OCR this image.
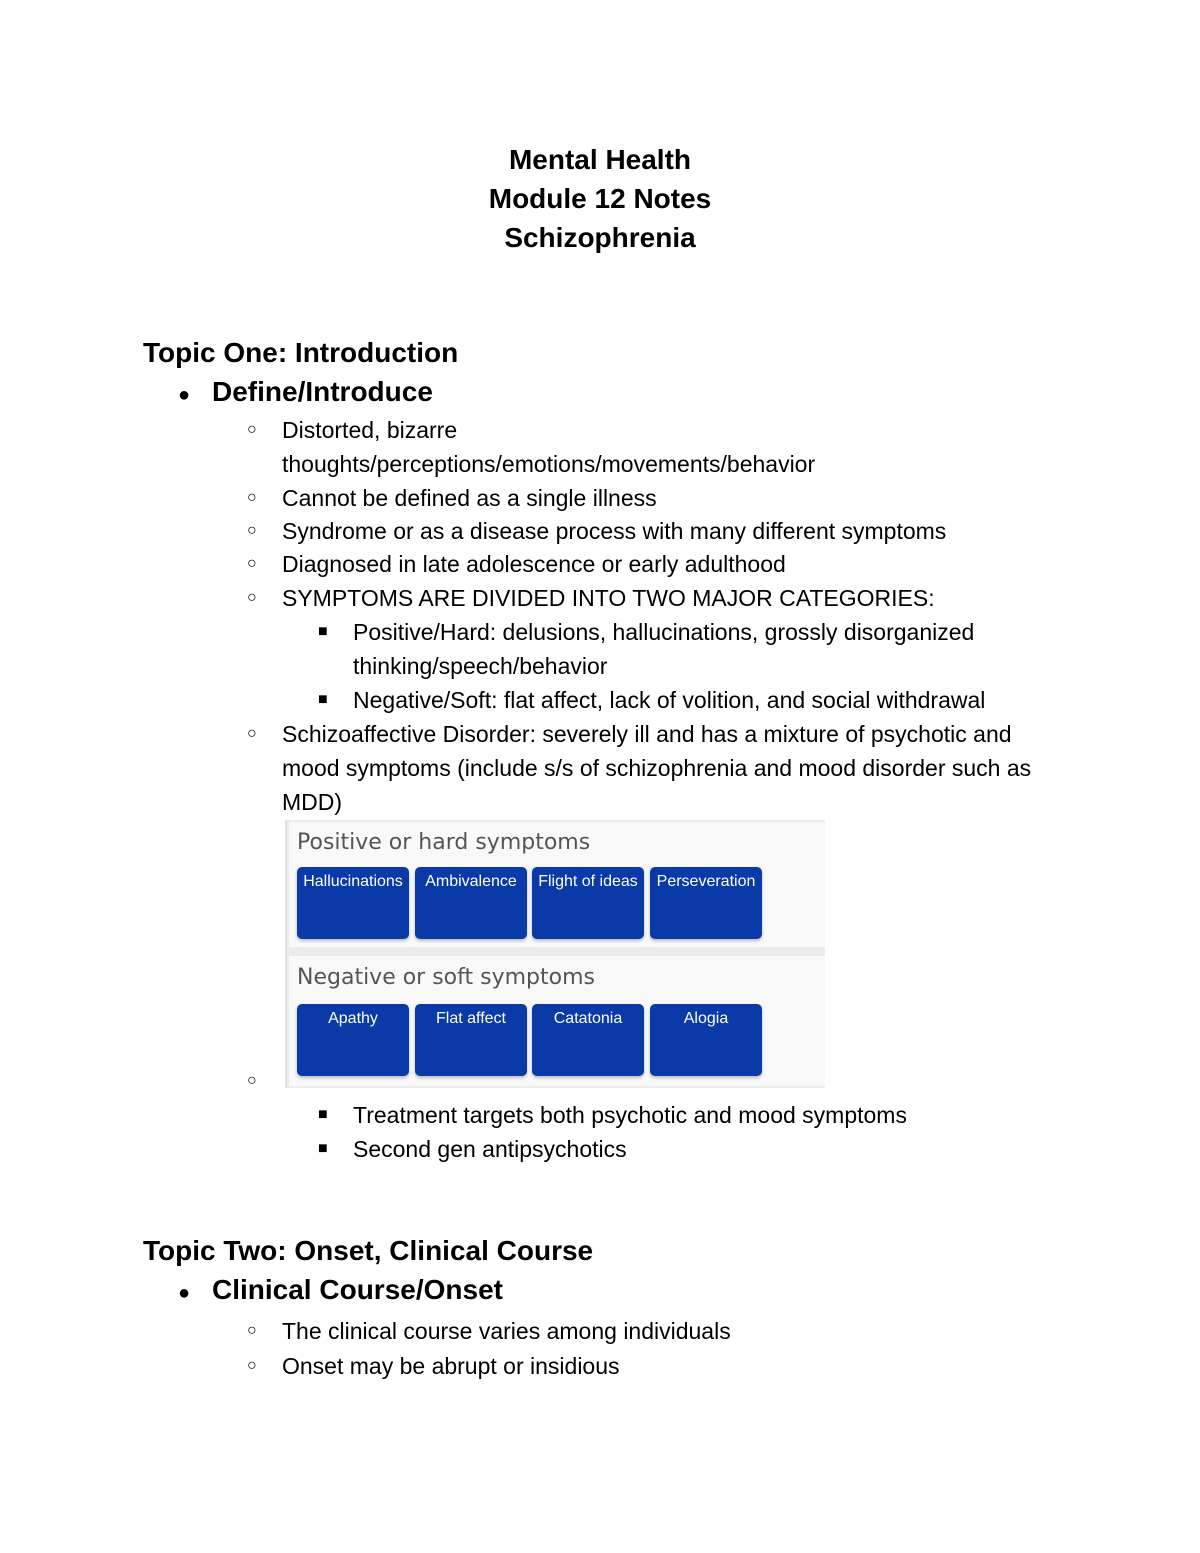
Mental Health
Module 12 Notes
Schizophrenia
Topic One: Introduction
● Define/Introduce
○	Distorted, bizarre thoughts/perceptions/emotions/movements/behavior
○	Cannot be defined as a single illness
○	Syndrome or as a disease process with many different symptoms
○	Diagnosed in late adolescence or early adulthood
○	SYMPTOMS ARE DIVIDED INTO TWO MAJOR CATEGORIES:
■	Positive/Hard: delusions, hallucinations, grossly disorganized thinking/speech/behavior
■	Negative/Soft: flat affect, lack of volition, and social withdrawal
○	Schizoaffective Disorder: severely ill and has a mixture of psychotic and mood symptoms (include s/s of schizophrenia and mood disorder such as MDD)
Positive or hard symptoms
Hallucinations	Ambivalence	Flight of ideas	Perseveration
Negative or soft symptoms
Apathy	Flat affect	Catatonia	Alogia
○
■	Treatment targets both psychotic and mood symptoms
■	Second gen antipsychotics
Topic Two: Onset, Clinical Course
● Clinical Course/Onset
○	The clinical course varies among individuals
○	Onset may be abrupt or insidious
